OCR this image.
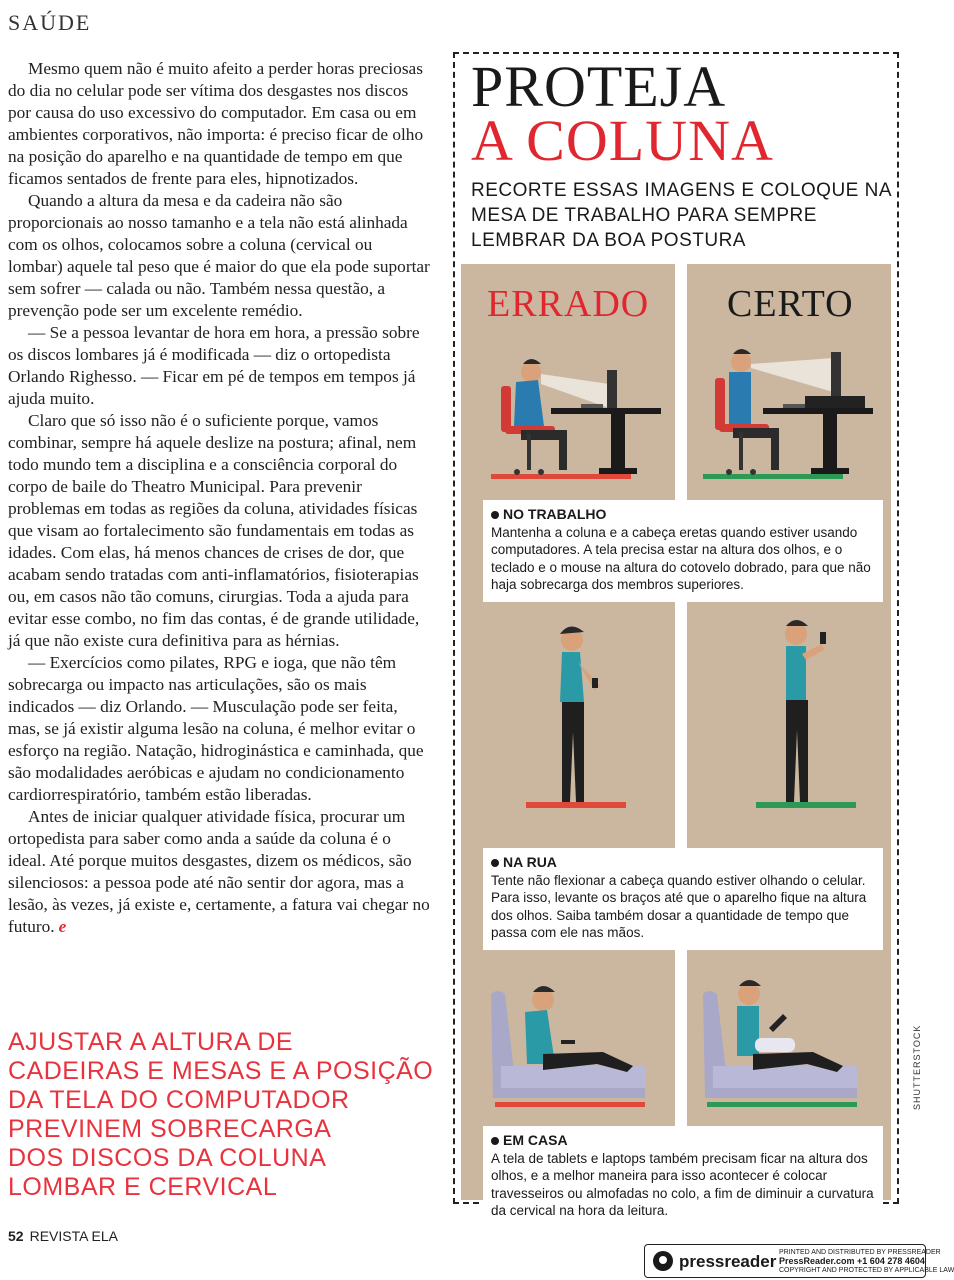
SAÚDE

Mesmo quem não é muito afeito a perder horas preciosas do dia no celular pode ser vítima dos desgastes nos discos por causa do uso excessivo do computador. Em casa ou em ambientes corporativos, não importa: é preciso ficar de olho na posição do aparelho e na quantidade de tempo em que ficamos sentados de frente para eles, hipnotizados.

Quando a altura da mesa e da cadeira não são proporcionais ao nosso tamanho e a tela não está alinhada com os olhos, colocamos sobre a coluna (cervical ou lombar) aquele tal peso que é maior do que ela pode suportar sem sofrer — calada ou não. Também nessa questão, a prevenção pode ser um excelente remédio.

— Se a pessoa levantar de hora em hora, a pressão sobre os discos lombares já é modificada — diz o ortopedista Orlando Righesso. — Ficar em pé de tempos em tempos já ajuda muito.

Claro que só isso não é o suficiente porque, vamos combinar, sempre há aquele deslize na postura; afinal, nem todo mundo tem a disciplina e a consciência corporal do corpo de baile do Theatro Municipal. Para prevenir problemas em todas as regiões da coluna, atividades físicas que visam ao fortalecimento são fundamentais em todas as idades. Com elas, há menos chances de crises de dor, que acabam sendo tratadas com anti-inflamatórios, fisioterapias ou, em casos não tão comuns, cirurgias. Toda a ajuda para evitar esse combo, no fim das contas, é de grande utilidade, já que não existe cura definitiva para as hérnias.

— Exercícios como pilates, RPG e ioga, que não têm sobrecarga ou impacto nas articulações, são os mais indicados — diz Orlando. — Musculação pode ser feita, mas, se já existir alguma lesão na coluna, é melhor evitar o esforço na região. Natação, hidroginástica e caminhada, que são modalidades aeróbicas e ajudam no condicionamento cardiorrespiratório, também estão liberadas.

Antes de iniciar qualquer atividade física, procurar um ortopedista para saber como anda a saúde da coluna é o ideal. Até porque muitos desgastes, dizem os médicos, são silenciosos: a pessoa pode até não sentir dor agora, mas a lesão, às vezes, já existe e, certamente, a fatura vai chegar no futuro. e

AJUSTAR A ALTURA DE
CADEIRAS E MESAS E A POSIÇÃO
DA TELA DO COMPUTADOR
PREVINEM SOBRECARGA
DOS DISCOS DA COLUNA
LOMBAR E CERVICAL
52 REVISTA ELA
PROTEJA
A COLUNA
RECORTE ESSAS IMAGENS E COLOQUE NA MESA DE TRABALHO PARA SEMPRE LEMBRAR DA BOA POSTURA
ERRADO CERTO
NO TRABALHO
Mantenha a coluna e a cabeça eretas quando estiver usando computadores. A tela precisa estar na altura dos olhos, e o teclado e o mouse na altura do cotovelo dobrado, para que não haja sobrecarga dos membros superiores.
NA RUA
Tente não flexionar a cabeça quando estiver olhando o celular. Para isso, levante os braços até que o aparelho fique na altura dos olhos. Saiba também dosar a quantidade de tempo que passa com ele nas mãos.
EM CASA
A tela de tablets e laptops também precisam ficar na altura dos olhos, e a melhor maneira para isso acontecer é colocar travesseiros ou almofadas no colo, a fim de diminuir a curvatura da cervical na hora da leitura.
SHUTTERSTOCK
pressreader PRINTED AND DISTRIBUTED BY PRESSREADER
PressReader.com +1 604 278 4604
COPYRIGHT AND PROTECTED BY APPLICABLE LAW
